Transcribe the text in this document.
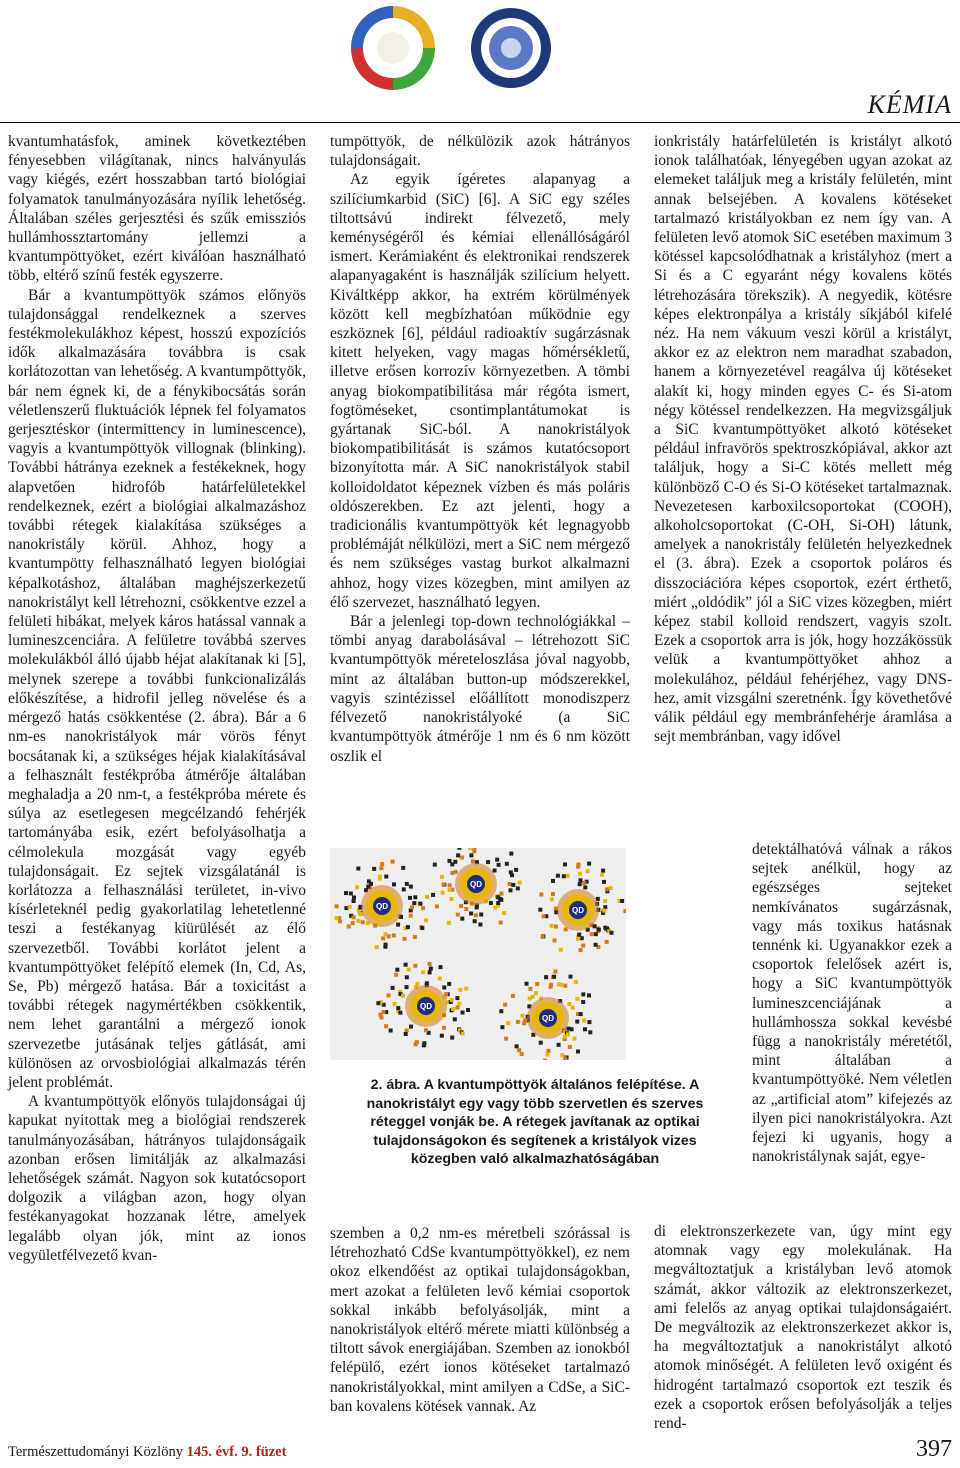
KÉMIA

kvantumhatásfok, aminek következtében fényesebben világítanak, nincs halványulás vagy kiégés, ezért hosszabban tartó biológiai folyamatok tanulmányozására nyílik lehetőség. Általában széles gerjesztési és szűk emissziós hullámhossztartomány jellemzi a kvantumpöttyöket, ezért kiválóan használható több, eltérő színű festék egyszerre.

Bár a kvantumpöttyök számos előnyös tulajdonsággal rendelkeznek a szerves festékmolekulákhoz képest, hosszú expozíciós idők alkalmazására továbbra is csak korlátozottan van lehetőség. A kvantumpöttyök, bár nem égnek ki, de a fénykibocsátás során véletlenszerű fluktuációk lépnek fel folyamatos gerjesztéskor (intermittency in luminescence), vagyis a kvantumpöttyök villognak (blinking). További hátránya ezeknek a festékeknek, hogy alapvetően hidrofób határfelületekkel rendelkeznek, ezért a biológiai alkalmazáshoz további rétegek kialakítása szükséges a nanokristály körül. Ahhoz, hogy a kvantumpötty felhasználható legyen biológiai képalkotáshoz, általában maghéjszerkezetű nanokristályt kell létrehozni, csökkentve ezzel a felületi hibákat, melyek káros hatással vannak a lumineszcenciára. A felületre továbbá szerves molekulákból álló újabb héjat alakítanak ki [5], melynek szerepe a további funkcionalizálás előkészítése, a hidrofil jelleg növelése és a mérgező hatás csökkentése (2. ábra). Bár a 6 nm-es nanokristályok már vörös fényt bocsátanak ki, a szükséges héjak kialakításával a felhasznált festékpróba átmérője általában meghaladja a 20 nm-t, a festékpróba mérete és súlya az esetlegesen megcélzandó fehérjék tartományába esik, ezért befolyásolhatja a célmolekula mozgását vagy egyéb tulajdonságait. Ez sejtek vizsgálatánál is korlátozza a felhasználási területet, in-vivo kísérleteknél pedig gyakorlatilag lehetetlenné teszi a festékanyag kiürülését az élő szervezetből. További korlátot jelent a kvantumpöttyöket felépítő elemek (In, Cd, As, Se, Pb) mérgező hatása. Bár a toxicitást a további rétegek nagymértékben csökkentik, nem lehet garantálni a mérgező ionok szervezetbe jutásának teljes gátlását, ami különösen az orvosbiológiai alkalmazás térén jelent problémát.

A kvantumpöttyök előnyös tulajdonságai új kapukat nyitottak meg a biológiai rendszerek tanulmányozásában, hátrányos tulajdonságaik azonban erősen limitálják az alkalmazási lehetőségek számát. Nagyon sok kutatócsoport dolgozik a világban azon, hogy olyan festékanyagokat hozzanak létre, amelyek legalább olyan jók, mint az ionos vegyületfélvezető kvan-

tumpöttyök, de nélkülözik azok hátrányos tulajdonságait.

Az egyik ígéretes alapanyag a szilíciumkarbid (SiC) [6]. A SiC egy széles tiltottsávú indirekt félvezető, mely keménységéről és kémiai ellenállóságáról ismert. Kerámiaként és elektronikai rendszerek alapanyagaként is használják szilícium helyett. Kiváltképp akkor, ha extrém körülmények között kell megbízhatóan működnie egy eszköznek [6], például radioaktív sugárzásnak kitett helyeken, vagy magas hőmérsékletű, illetve erősen korrozív környezetben. A tömbi anyag biokompatibilitása már régóta ismert, fogtöméseket, csontimplantátumokat is gyártanak SiC-ból. A nanokristályok biokompatibilitását is számos kutatócsoport bizonyította már. A SiC nanokristályok stabil kolloidoldatot képeznek vízben és más poláris oldószerekben. Ez azt jelenti, hogy a tradicionális kvantumpöttyök két legnagyobb problémáját nélkülözi, mert a SiC nem mérgező és nem szükséges vastag burkot alkalmazni ahhoz, hogy vizes közegben, mint amilyen az élő szervezet, használható legyen.

Bár a jelenlegi top-down technológiákkal – tömbi anyag darabolásával – létrehozott SiC kvantumpöttyök méreteloszlása jóval nagyobb, mint az általában button-up módszerekkel, vagyis szintézissel előállított monodiszperz félvezető nanokristályoké (a SiC kvantumpöttyök átmérője 1 nm és 6 nm között oszlik el

QD
QD
QD
QD
QD
2. ábra. A kvantumpöttyök általános felépítése. A nanokristályt egy vagy több szervetlen és szerves réteggel vonják be. A rétegek javítanak az optikai tulajdonságokon és segítenek a kristályok vizes közegben való alkalmazhatóságában

szemben a 0,2 nm-es méretbeli szórással is létrehozható CdSe kvantumpöttyökkel), ez nem okoz elkendőést az optikai tulajdonságokban, mert azokat a felületen levő kémiai csoportok sokkal inkább befolyásolják, mint a nanokristályok eltérő mérete miatti különbség a tiltott sávok energiájában. Szemben az ionokból felépülő, ezért ionos kötéseket tartalmazó nanokristályokkal, mint amilyen a CdSe, a SiC-ban kovalens kötések vannak. Az

ionkristály határfelületén is kristályt alkotó ionok találhatóak, lényegében ugyan azokat az elemeket találjuk meg a kristály felületén, mint annak belsejében. A kovalens kötéseket tartalmazó kristályokban ez nem így van. A felületen levő atomok SiC esetében maximum 3 kötéssel kapcsolódhatnak a kristályhoz (mert a Si és a C egyaránt négy kovalens kötés létrehozására törekszik). A negyedik, kötésre képes elektronpálya a kristály síkjából kifelé néz. Ha nem vákuum veszi körül a kristályt, akkor ez az elektron nem maradhat szabadon, hanem a környezetével reagálva új kötéseket alakít ki, hogy minden egyes C- és Si-atom négy kötéssel rendelkezzen. Ha megvizsgáljuk a SiC kvantumpöttyöket alkotó kötéseket például infravörös spektroszkópiával, akkor azt találjuk, hogy a Si-C kötés mellett még különböző C-O és Si-O kötéseket tartalmaznak. Nevezetesen karboxilcsoportokat (COOH), alkoholcsoportokat (C-OH, Si-OH) látunk, amelyek a nanokristály felületén helyezkednek el (3. ábra). Ezek a csoportok poláros és disszociációra képes csoportok, ezért érthető, miért „oldódik” jól a SiC vizes közegben, miért képez stabil kolloid rendszert, vagyis szolt. Ezek a csoportok arra is jók, hogy hozzákössük velük a kvantumpöttyöket ahhoz a molekulához, például fehérjéhez, vagy DNS-hez, amit vizsgálni szeretnénk. Így követhetővé válik például egy membránfehérje áramlása a sejt membránban, vagy idővel

detektálhatóvá válnak a rákos sejtek anélkül, hogy az egészséges sejteket nemkívánatos sugárzásnak, vagy más toxikus hatásnak tennénk ki. Ugyanakkor ezek a csoportok felelősek azért is, hogy a SiC kvantumpöttyök lumineszcenciájának a hullámhossza sokkal kevésbé függ a nanokristály méretétől, mint általában a kvantumpöttyöké. Nem véletlen az „artificial atom” kifejezés az ilyen pici nanokristályokra. Azt fejezi ki ugyanis, hogy a nanokristálynak saját, egye-

di elektronszerkezete van, úgy mint egy atomnak vagy egy molekulának. Ha megváltoztatjuk a kristályban levő atomok számát, akkor változik az elektronszerkezet, ami felelős az anyag optikai tulajdonságaiért. De megváltozik az elektronszerkezet akkor is, ha megváltoztatjuk a nanokristályt alkotó atomok minőségét. A felületen levő oxigént és hidrogént tartalmazó csoportok ezt teszik és ezek a csoportok erősen befolyásolják a teljes rend-

Természettudományi Közlöny 145. évf. 9. füzet	397
